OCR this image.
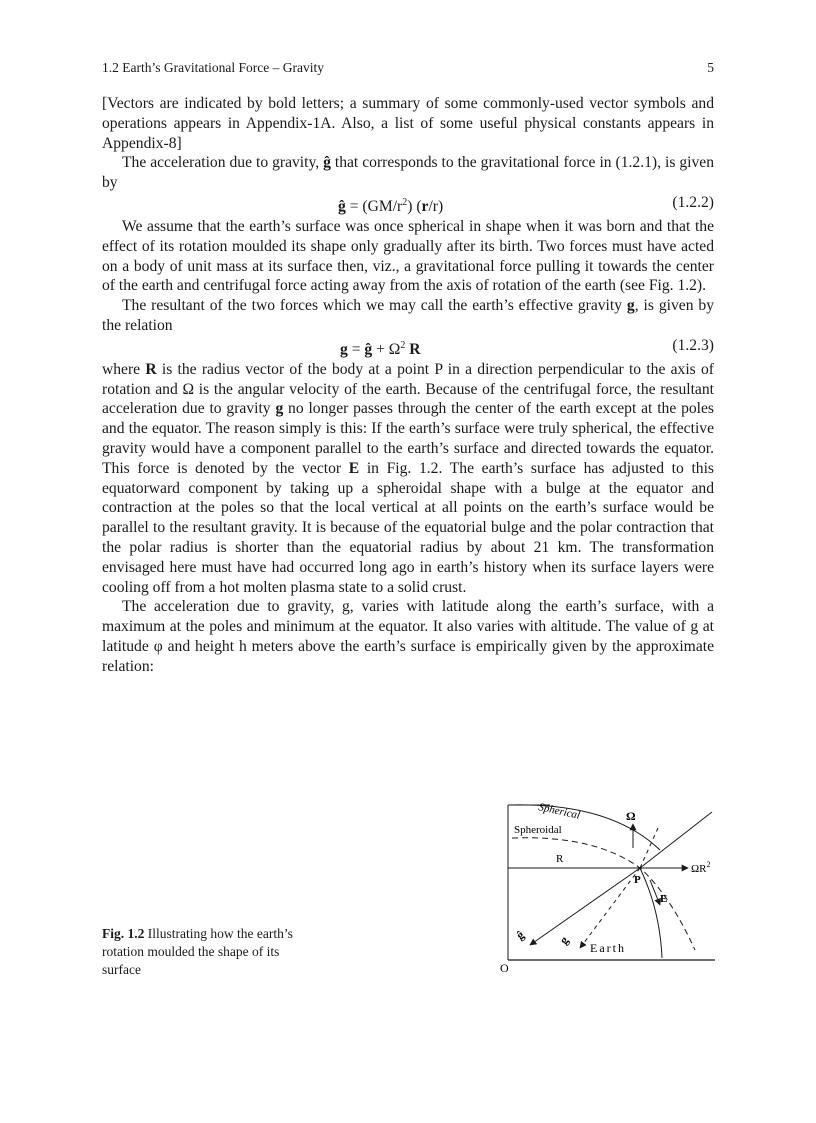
1.2 Earth’s Gravitational Force – Gravity	5

[Vectors are indicated by bold letters; a summary of some commonly-used vector symbols and operations appears in Appendix-1A. Also, a list of some useful physical constants appears in Appendix-8]

The acceleration due to gravity, ĝ that corresponds to the gravitational force in (1.2.1), is given by

ĝ = $(GM/r^2)$ (r/r)	(1.2.2)

We assume that the earth’s surface was once spherical in shape when it was born and that the effect of its rotation moulded its shape only gradually after its birth. Two forces must have acted on a body of unit mass at its surface then, viz., a gravitational force pulling it towards the center of the earth and centrifugal force acting away from the axis of rotation of the earth (see Fig. 1.2).

The resultant of the two forces which we may call the earth’s effective gravity g, is given by the relation

g = ĝ + $\Omega^2$ R	(1.2.3)

where R is the radius vector of the body at a point P in a direction perpendicular to the axis of rotation and Ω is the angular velocity of the earth. Because of the centrifugal force, the resultant acceleration due to gravity g no longer passes through the center of the earth except at the poles and the equator. The reason simply is this: If the earth’s surface were truly spherical, the effective gravity would have a component parallel to the earth’s surface and directed towards the equator. This force is denoted by the vector E in Fig. 1.2. The earth’s surface has adjusted to this equatorward component by taking up a spheroidal shape with a bulge at the equator and contraction at the poles so that the local vertical at all points on the earth’s surface would be parallel to the resultant gravity. It is because of the equatorial bulge and the polar contraction that the polar radius is shorter than the equatorial radius by about 21 km. The transformation envisaged here must have had occurred long ago in earth’s history when its surface layers were cooling off from a hot molten plasma state to a solid crust.

The acceleration due to gravity, g, varies with latitude along the earth’s surface, with a maximum at the poles and minimum at the equator. It also varies with altitude. The value of g at latitude φ and height h meters above the earth’s surface is empirically given by the approximate relation:

Fig. 1.2 Illustrating how the earth’s rotation moulded the shape of its surface
Spherical
Spheroidal
Ω
R
$\Omega R^2$
P
E
ĝ g
Earth
O
